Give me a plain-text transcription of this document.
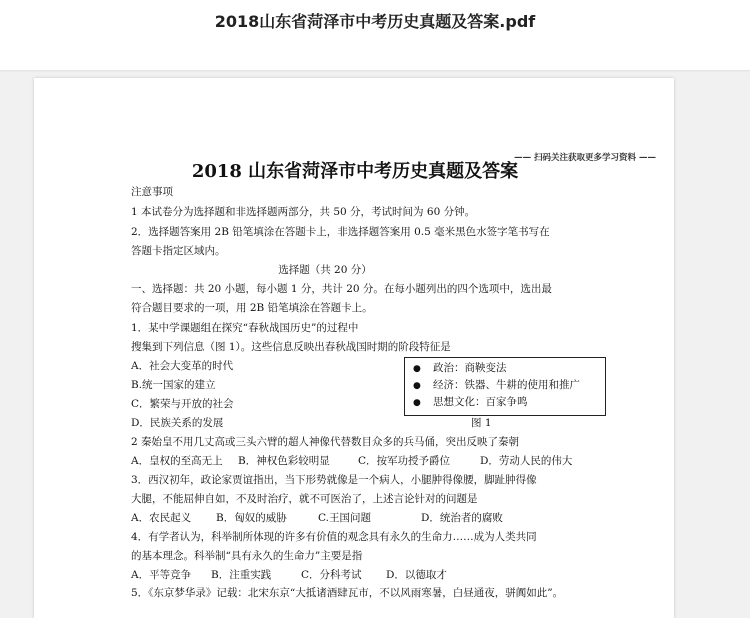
2018山东省菏泽市中考历史真题及答案.pdf
—— 扫码关注获取更多学习资料 ——
2018 山东省菏泽市中考历史真题及答案
注意事项
1 本试卷分为选择题和非选择题两部分，共 50 分，考试时间为 60 分钟。
2．选择题答案用 2B 铅笔填涂在答题卡上，非选择题答案用 0.5 毫米黑色水签字笔书写在
答题卡指定区域内。
选择题（共 20 分）
一、选择题：共 20 小题，每小题 1 分，共计 20 分。在每小题列出的四个选项中，选出最
符合题目要求的一项，用 2B 铅笔填涂在答题卡上。
1．某中学课题组在探究“春秋战国历史”的过程中
搜集到下列信息（图 1）。这些信息反映出春秋战国时期的阶段特征是
A．社会大变革的时代
B.统一国家的建立
C．繁荣与开放的社会
D．民族关系的发展
● 政治：商鞅变法
● 经济：铁器、牛耕的使用和推广
● 思想文化：百家争鸣
图 1
2 秦始皇不用几丈高或三头六臂的超人神像代替数目众多的兵马俑，突出反映了秦朝
A．皇权的至高无上 B．神权色彩较明显	C．按军功授予爵位	D．劳动人民的伟大
3．西汉初年，政论家贾谊指出，当下形势就像是一个病人，小腿肿得像腰，脚趾肿得像
大腿，不能屈伸自如，不及时治疗，就不可医治了，上述言论针对的问题是
A．农民起义 B．匈奴的威胁	C.王国问题	D．统治者的腐败
4．有学者认为，科举制所体现的许多有价值的观念具有永久的生命力……成为人类共同
的基本理念。科举制“具有永久的生命力”主要是指
A．平等竞争 B．注重实践	C．分科考试 D．以德取才
5．《东京梦华录》记载：北宋东京“大抵诸酒肆瓦市，不以风雨寒暑，白昼通夜，骈阗如此”。
